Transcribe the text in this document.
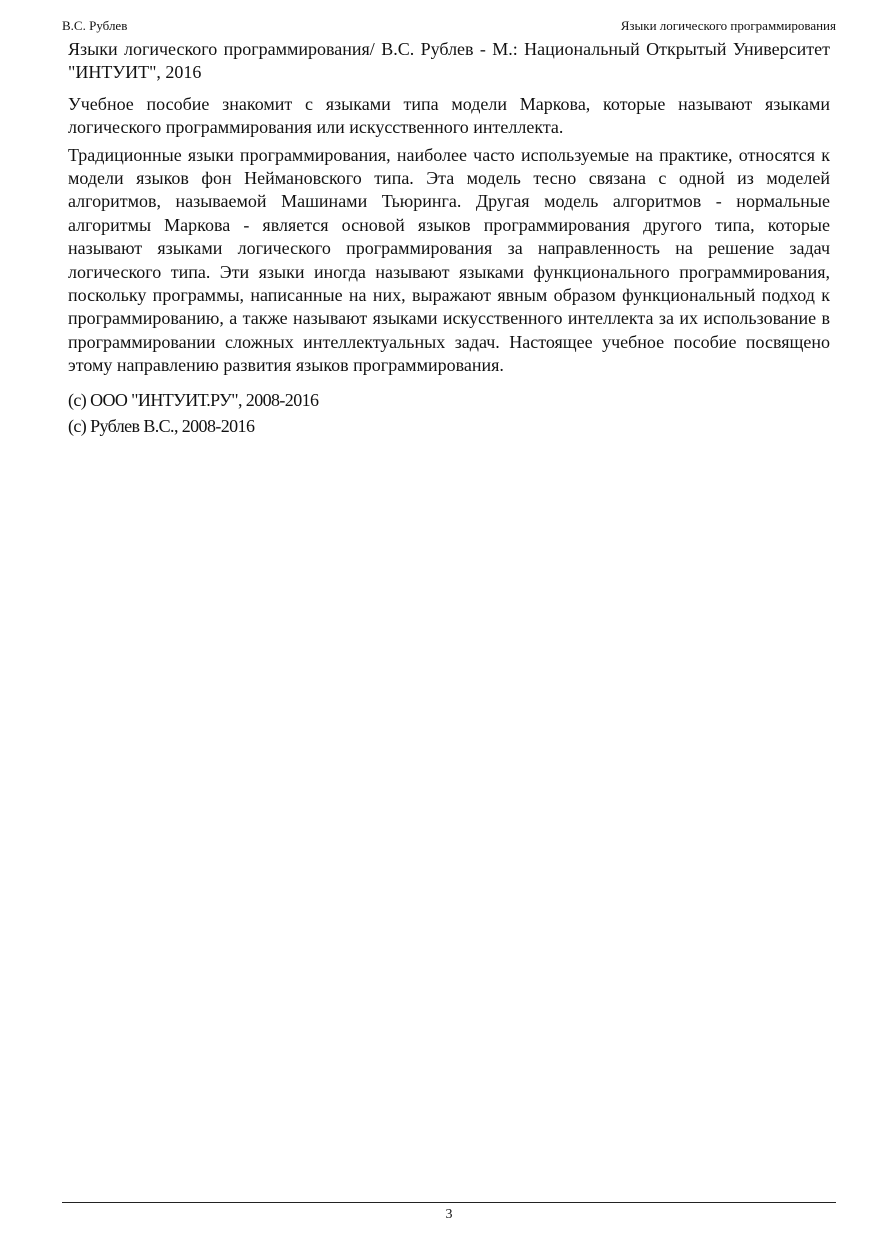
В.С. Рублев	Языки логического программирования

Языки логического программирования/ В.С. Рублев - М.: Национальный Открытый Университет "ИНТУИТ", 2016

Учебное пособие знакомит с языками типа модели Маркова, которые называют языками логического программирования или искусственного интеллекта.

Традиционные языки программирования, наиболее часто используемые на практике, относятся к модели языков фон Неймановского типа. Эта модель тесно связана с одной из моделей алгоритмов, называемой Машинами Тьюринга. Другая модель алгоритмов - нормальные алгоритмы Маркова - является основой языков программирования другого типа, которые называют языками логического программирования за направленность на решение задач логического типа. Эти языки иногда называют языками функционального программирования, поскольку программы, написанные на них, выражают явным образом функциональный подход к программированию, а также называют языками искусственного интеллекта за их использование в программировании сложных интеллектуальных задач. Настоящее учебное пособие посвящено этому направлению развития языков программирования.

(c) ООО "ИНТУИТ.РУ", 2008-2016
(c) Рублев В.С., 2008-2016
3
